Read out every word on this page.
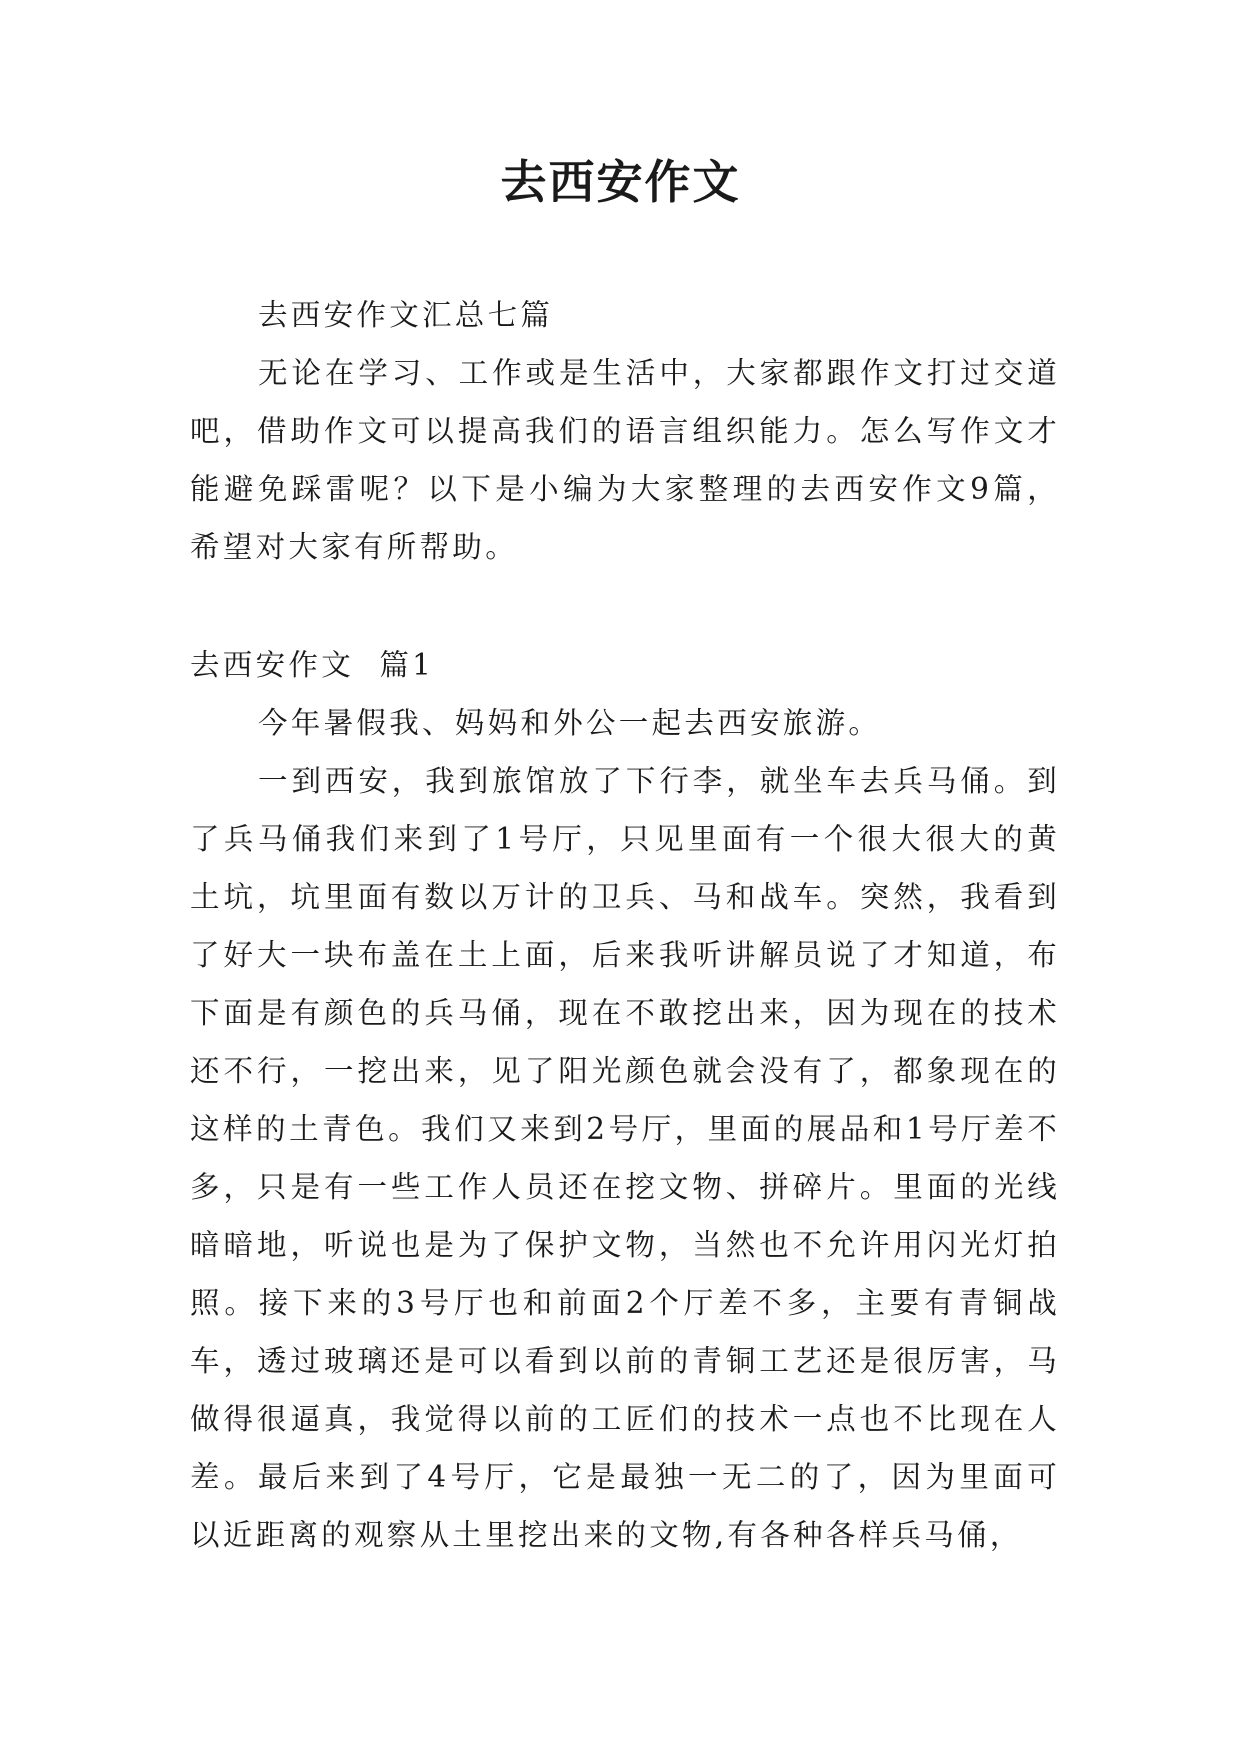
去西安作文

去西安作文汇总七篇

无论在学习、工作或是生活中，大家都跟作文打过交道吧，借助作文可以提高我们的语言组织能力。怎么写作文才能避免踩雷呢？以下是小编为大家整理的去西安作文9篇，希望对大家有所帮助。

去西安作文  篇1

今年暑假我、妈妈和外公一起去西安旅游。

一到西安，我到旅馆放了下行李，就坐车去兵马俑。到了兵马俑我们来到了1号厅，只见里面有一个很大很大的黄土坑，坑里面有数以万计的卫兵、马和战车。突然，我看到了好大一块布盖在土上面，后来我听讲解员说了才知道，布下面是有颜色的兵马俑，现在不敢挖出来，因为现在的技术还不行，一挖出来，见了阳光颜色就会没有了，都象现在的这样的土青色。我们又来到2号厅，里面的展品和1号厅差不多，只是有一些工作人员还在挖文物、拼碎片。里面的光线暗暗地，听说也是为了保护文物，当然也不允许用闪光灯拍照。接下来的3号厅也和前面2个厅差不多，主要有青铜战车，透过玻璃还是可以看到以前的青铜工艺还是很厉害，马做得很逼真，我觉得以前的工匠们的技术一点也不比现在人差。最后来到了4号厅，它是最独一无二的了，因为里面可以近距离的观察从土里挖出来的文物,有各种各样兵马俑，
